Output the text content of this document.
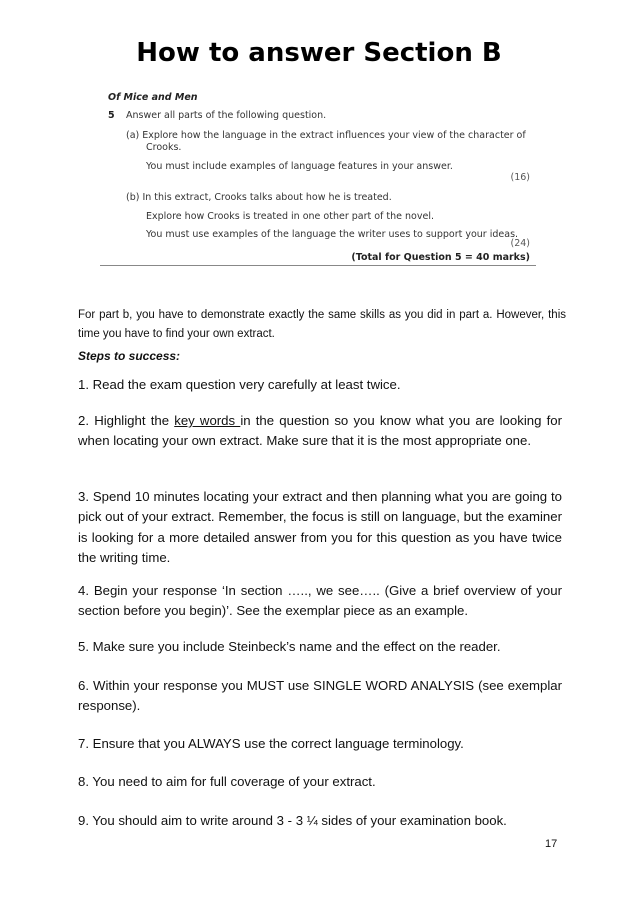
How to answer Section B
Of Mice and Men
5 Answer all parts of the following question.
(a) Explore how the language in the extract influences your view of the character of
Crooks.
You must include examples of language features in your answer.
(16)
(b) In this extract, Crooks talks about how he is treated.
Explore how Crooks is treated in one other part of the novel.
You must use examples of the language the writer uses to support your ideas.
(24)
(Total for Question 5 = 40 marks)
For part b, you have to demonstrate exactly the same skills as you did in part a. However, this time you have to find your own extract.
Steps to success:
1. Read the exam question very carefully at least twice.
2. Highlight the key words in the question so you know what you are looking for when locating your own extract. Make sure that it is the most appropriate one.
3. Spend 10 minutes locating your extract and then planning what you are going to pick out of your extract. Remember, the focus is still on language, but the examiner is looking for a more detailed answer from you for this question as you have twice the writing time.
4. Begin your response ‘In section ….., we see….. (Give a brief overview of your section before you begin)’. See the exemplar piece as an example.
5. Make sure you include Steinbeck’s name and the effect on the reader.
6. Within your response you MUST use SINGLE WORD ANALYSIS (see exemplar response).
7. Ensure that you ALWAYS use the correct language terminology.
8. You need to aim for full coverage of your extract.
9. You should aim to write around 3 - 3 ¼ sides of your examination book.
17
